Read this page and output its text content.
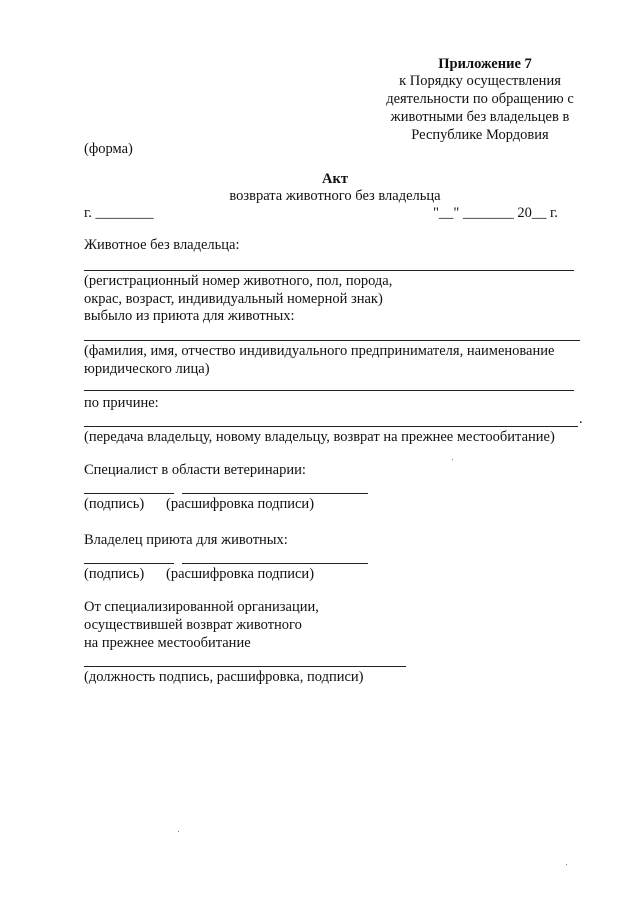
Приложение 7
к Порядку осуществления
деятельности по обращению с
животными без владельцев в
Республике Мордовия
(форма)
Акт
возврата животного без владельца
г. ________	"__" _______ 20__ г.
Животное без владельца:
(регистрационный номер животного, пол, порода,
окрас, возраст, индивидуальный номерной знак)
выбыло из приюта для животных:
(фамилия, имя, отчество индивидуального предпринимателя, наименование
юридического лица)
по причине:
.
(передача владельцу, новому владельцу, возврат на прежнее местообитание)
Специалист в области ветеринарии:
(подпись) (расшифровка подписи)
Владелец приюта для животных:
(подпись) (расшифровка подписи)
От специализированной организации,
осуществившей возврат животного
на прежнее местообитание
(должность подпись, расшифровка, подписи)
